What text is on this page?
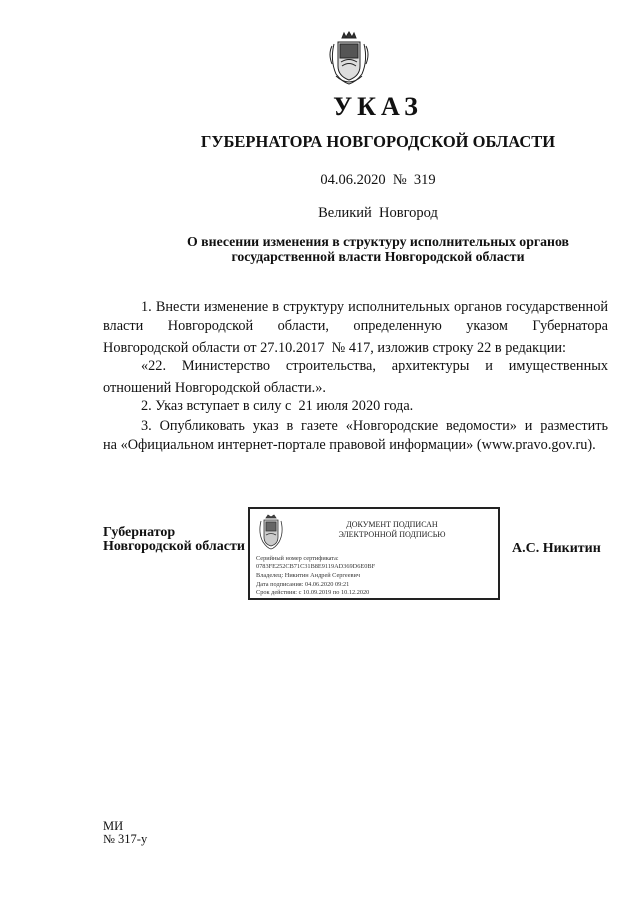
УКАЗ
ГУБЕРНАТОРА НОВГОРОДСКОЙ ОБЛАСТИ
04.06.2020  №  319
Великий  Новгород
О внесении изменения в структуру исполнительных органов
государственной власти Новгородской области
1. Внести изменение в структуру исполнительных органов государственной
власти Новгородской области, определенную указом Губернатора
Новгородской области от 27.10.2017  № 417, изложив строку 22 в редакции:
«22. Министерство строительства, архитектуры и имущественных
отношений Новгородской области.».
2. Указ вступает в силу с  21 июля 2020 года.
3. Опубликовать указ в газете «Новгородские ведомости» и разместить
на «Официальном интернет-портале правовой информации» (www.pravo.gov.ru).
Губернатор
Новгородской области
ДОКУМЕНТ ПОДПИСАН
ЭЛЕКТРОННОЙ ПОДПИСЬЮ
Серийный номер сертификата:
0783FE252CB71C31B8E9119AD369D6E0BF
Владелец: Никитин Андрей Сергеевич
Дата подписания: 04.06.2020 09:21
Срок действия: с 10.09.2019 по 10.12.2020
А.С. Никитин
МИ
№ 317-у
